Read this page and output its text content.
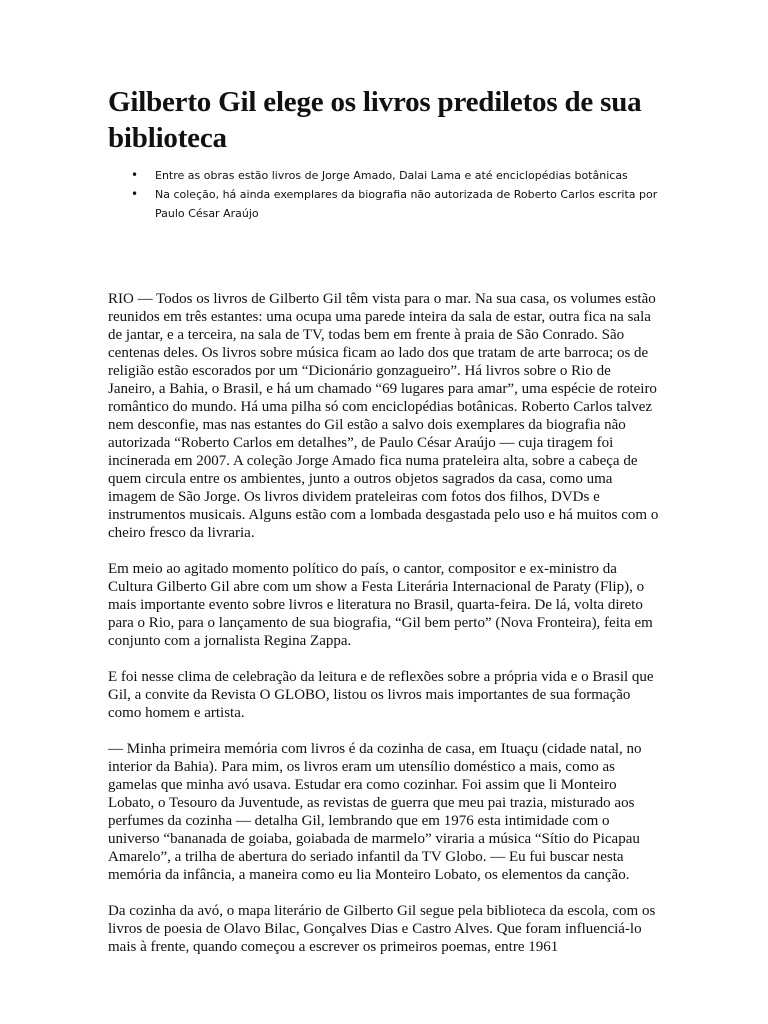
Gilberto Gil elege os livros prediletos de sua biblioteca
• Entre as obras estão livros de Jorge Amado, Dalai Lama e até enciclopédias botânicas
• Na coleção, há ainda exemplares da biografia não autorizada de Roberto Carlos escrita por Paulo César Araújo

RIO — Todos os livros de Gilberto Gil têm vista para o mar. Na sua casa, os volumes estão reunidos em três estantes: uma ocupa uma parede inteira da sala de estar, outra fica na sala de jantar, e a terceira, na sala de TV, todas bem em frente à praia de São Conrado. São centenas deles. Os livros sobre música ficam ao lado dos que tratam de arte barroca; os de religião estão escorados por um “Dicionário gonzagueiro”. Há livros sobre o Rio de Janeiro, a Bahia, o Brasil, e há um chamado “69 lugares para amar”, uma espécie de roteiro romântico do mundo. Há uma pilha só com enciclopédias botânicas. Roberto Carlos talvez nem desconfie, mas nas estantes do Gil estão a salvo dois exemplares da biografia não autorizada “Roberto Carlos em detalhes”, de Paulo César Araújo — cuja tiragem foi incinerada em 2007. A coleção Jorge Amado fica numa prateleira alta, sobre a cabeça de quem circula entre os ambientes, junto a outros objetos sagrados da casa, como uma imagem de São Jorge. Os livros dividem prateleiras com fotos dos filhos, DVDs e instrumentos musicais. Alguns estão com a lombada desgastada pelo uso e há muitos com o cheiro fresco da livraria.

Em meio ao agitado momento político do país, o cantor, compositor e ex-ministro da Cultura Gilberto Gil abre com um show a Festa Literária Internacional de Paraty (Flip), o mais importante evento sobre livros e literatura no Brasil, quarta-feira. De lá, volta direto para o Rio, para o lançamento de sua biografia, “Gil bem perto” (Nova Fronteira), feita em conjunto com a jornalista Regina Zappa.

E foi nesse clima de celebração da leitura e de reflexões sobre a própria vida e o Brasil que Gil, a convite da Revista O GLOBO, listou os livros mais importantes de sua formação como homem e artista.

— Minha primeira memória com livros é da cozinha de casa, em Ituaçu (cidade natal, no interior da Bahia). Para mim, os livros eram um utensílio doméstico a mais, como as gamelas que minha avó usava. Estudar era como cozinhar. Foi assim que li Monteiro Lobato, o Tesouro da Juventude, as revistas de guerra que meu pai trazia, misturado aos perfumes da cozinha — detalha Gil, lembrando que em 1976 esta intimidade com o universo “bananada de goiaba, goiabada de marmelo” viraria a música “Sítio do Picapau Amarelo”, a trilha de abertura do seriado infantil da TV Globo. — Eu fui buscar nesta memória da infância, a maneira como eu lia Monteiro Lobato, os elementos da canção.

Da cozinha da avó, o mapa literário de Gilberto Gil segue pela biblioteca da escola, com os livros de poesia de Olavo Bilac, Gonçalves Dias e Castro Alves. Que foram influenciá-lo mais à frente, quando começou a escrever os primeiros poemas, entre 1961
